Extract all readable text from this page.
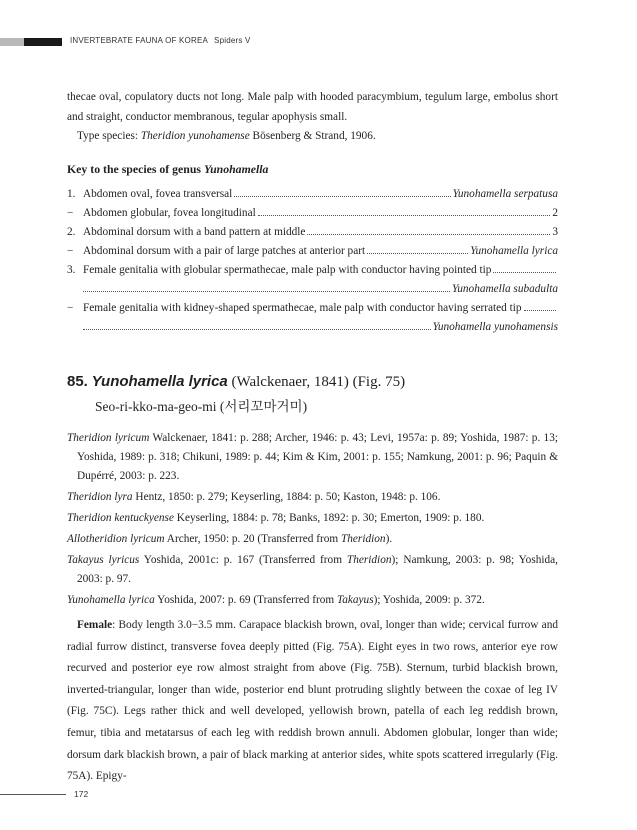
INVERTEBRATE FAUNA OF KOREA Spiders V
thecae oval, copulatory ducts not long. Male palp with hooded paracymbium, tegulum large, embolus short and straight, conductor membranous, tegular apophysis small.
Type species: Theridion yunohamense Bösenberg & Strand, 1906.
Key to the species of genus Yunohamella
1. Abdomen oval, fovea transversal	Yunohamella serpatusa
− Abdomen globular, fovea longitudinal	2
2. Abdominal dorsum with a band pattern at middle	3
− Abdominal dorsum with a pair of large patches at anterior part	Yunohamella lyrica
3. Female genitalia with globular spermathecae, male palp with conductor having pointed tip
Yunohamella subadulta
− Female genitalia with kidney-shaped spermathecae, male palp with conductor having serrated tip
Yunohamella yunohamensis
85. Yunohamella lyrica (Walckenaer, 1841) (Fig. 75)
Seo-ri-kko-ma-geo-mi (서리꼬마거미)

Theridion lyricum Walckenaer, 1841: p. 288; Archer, 1946: p. 43; Levi, 1957a: p. 89; Yoshida, 1987: p. 13; Yoshida, 1989: p. 318; Chikuni, 1989: p. 44; Kim & Kim, 2001: p. 155; Namkung, 2001: p. 96; Paquin & Dupérré, 2003: p. 223.

Theridion lyra Hentz, 1850: p. 279; Keyserling, 1884: p. 50; Kaston, 1948: p. 106.

Theridion kentuckyense Keyserling, 1884: p. 78; Banks, 1892: p. 30; Emerton, 1909: p. 180.

Allotheridion lyricum Archer, 1950: p. 20 (Transferred from Theridion).

Takayus lyricus Yoshida, 2001c: p. 167 (Transferred from Theridion); Namkung, 2003: p. 98; Yoshida, 2003: p. 97.

Yunohamella lyrica Yoshida, 2007: p. 69 (Transferred from Takayus); Yoshida, 2009: p. 372.

Female: Body length 3.0−3.5 mm. Carapace blackish brown, oval, longer than wide; cervical furrow and radial furrow distinct, transverse fovea deeply pitted (Fig. 75A). Eight eyes in two rows, anterior eye row recurved and posterior eye row almost straight from above (Fig. 75B). Sternum, turbid blackish brown, inverted-triangular, longer than wide, posterior end blunt protruding slightly between the coxae of leg IV (Fig. 75C). Legs rather thick and well developed, yellowish brown, patella of each leg reddish brown, femur, tibia and metatarsus of each leg with reddish brown annuli. Abdomen globular, longer than wide; dorsum dark blackish brown, a pair of black marking at anterior sides, white spots scattered irregularly (Fig. 75A). Epigy-
172
